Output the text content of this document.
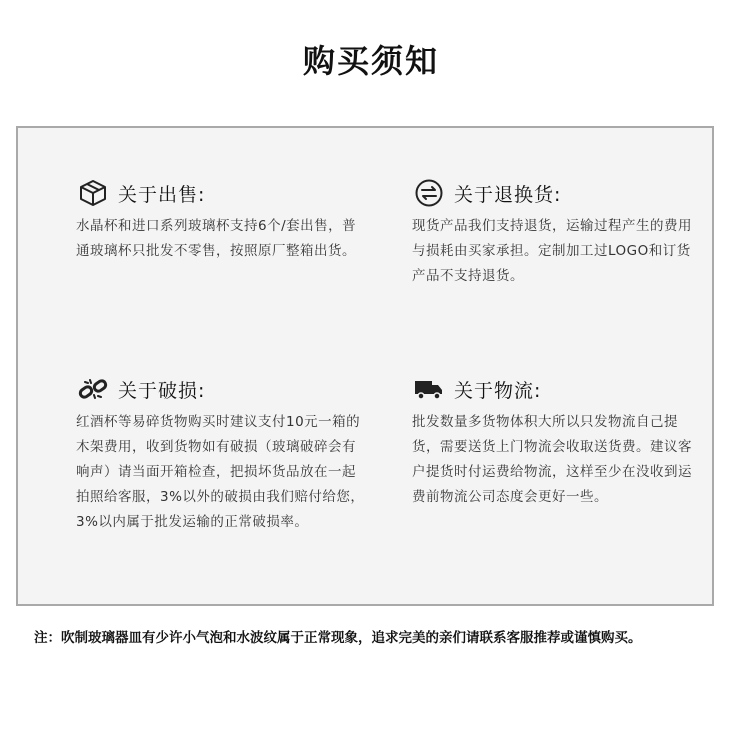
购买须知
关于出售:
水晶杯和进口系列玻璃杯支持6个/套出售，普通玻璃杯只批发不零售，按照原厂整箱出货。
关于退换货:
现货产品我们支持退货，运输过程产生的费用与损耗由买家承担。定制加工过LOGO和订货产品不支持退货。
关于破损:
红酒杯等易碎货物购买时建议支付10元一箱的木架费用，收到货物如有破损（玻璃破碎会有响声）请当面开箱检查，把损坏货品放在一起拍照给客服，3%以外的破损由我们赔付给您，3%以内属于批发运输的正常破损率。
关于物流:
批发数量多货物体积大所以只发物流自己提货，需要送货上门物流会收取送货费。建议客户提货时付运费给物流，这样至少在没收到运费前物流公司态度会更好一些。
注：吹制玻璃器皿有少许小气泡和水波纹属于正常现象，追求完美的亲们请联系客服推荐或谨慎购买。
